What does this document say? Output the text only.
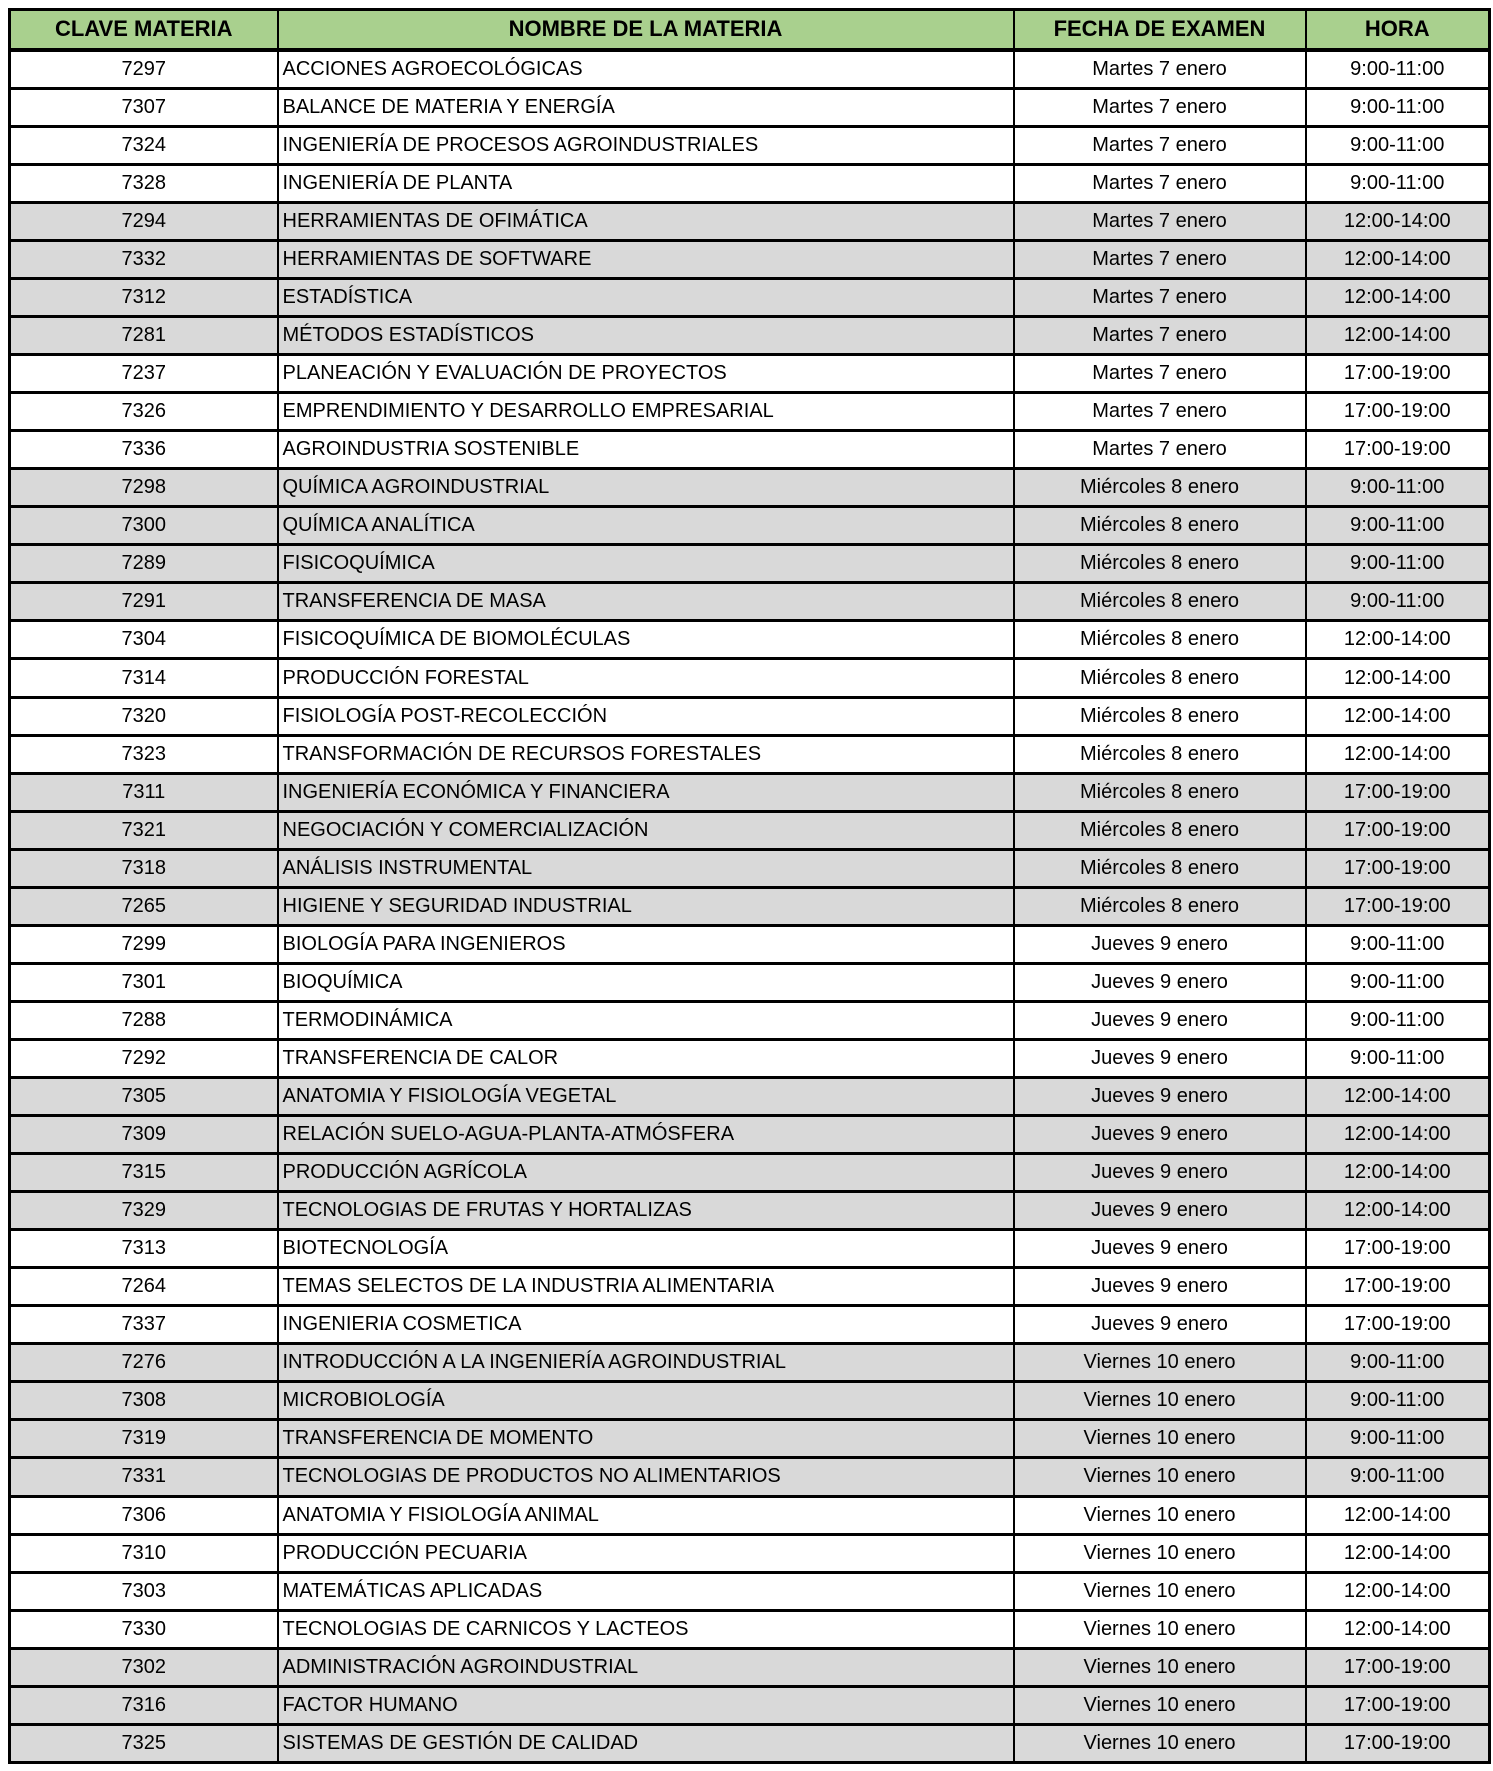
CLAVE MATERIA	NOMBRE DE LA MATERIA	FECHA DE EXAMEN	HORA
7297	ACCIONES AGROECOLÓGICAS	Martes 7 enero	9:00-11:00
7307	BALANCE DE MATERIA Y ENERGÍA	Martes 7 enero	9:00-11:00
7324	INGENIERÍA DE PROCESOS AGROINDUSTRIALES	Martes 7 enero	9:00-11:00
7328	INGENIERÍA DE PLANTA	Martes 7 enero	9:00-11:00
7294	HERRAMIENTAS DE OFIMÁTICA	Martes 7 enero	12:00-14:00
7332	HERRAMIENTAS DE SOFTWARE	Martes 7 enero	12:00-14:00
7312	ESTADÍSTICA	Martes 7 enero	12:00-14:00
7281	MÉTODOS ESTADÍSTICOS	Martes 7 enero	12:00-14:00
7237	PLANEACIÓN Y EVALUACIÓN DE PROYECTOS	Martes 7 enero	17:00-19:00
7326	EMPRENDIMIENTO Y DESARROLLO EMPRESARIAL	Martes 7 enero	17:00-19:00
7336	AGROINDUSTRIA SOSTENIBLE	Martes 7 enero	17:00-19:00
7298	QUÍMICA AGROINDUSTRIAL	Miércoles 8 enero	9:00-11:00
7300	QUÍMICA ANALÍTICA	Miércoles 8 enero	9:00-11:00
7289	FISICOQUÍMICA	Miércoles 8 enero	9:00-11:00
7291	TRANSFERENCIA DE MASA	Miércoles 8 enero	9:00-11:00
7304	FISICOQUÍMICA DE BIOMOLÉCULAS	Miércoles 8 enero	12:00-14:00
7314	PRODUCCIÓN FORESTAL	Miércoles 8 enero	12:00-14:00
7320	FISIOLOGÍA POST-RECOLECCIÓN	Miércoles 8 enero	12:00-14:00
7323	TRANSFORMACIÓN DE RECURSOS FORESTALES	Miércoles 8 enero	12:00-14:00
7311	INGENIERÍA ECONÓMICA Y FINANCIERA	Miércoles 8 enero	17:00-19:00
7321	NEGOCIACIÓN Y COMERCIALIZACIÓN	Miércoles 8 enero	17:00-19:00
7318	ANÁLISIS INSTRUMENTAL	Miércoles 8 enero	17:00-19:00
7265	HIGIENE Y SEGURIDAD INDUSTRIAL	Miércoles 8 enero	17:00-19:00
7299	BIOLOGÍA PARA INGENIEROS	Jueves 9 enero	9:00-11:00
7301	BIOQUÍMICA	Jueves 9 enero	9:00-11:00
7288	TERMODINÁMICA	Jueves 9 enero	9:00-11:00
7292	TRANSFERENCIA DE CALOR	Jueves 9 enero	9:00-11:00
7305	ANATOMIA Y FISIOLOGÍA VEGETAL	Jueves 9 enero	12:00-14:00
7309	RELACIÓN SUELO-AGUA-PLANTA-ATMÓSFERA	Jueves 9 enero	12:00-14:00
7315	PRODUCCIÓN AGRÍCOLA	Jueves 9 enero	12:00-14:00
7329	TECNOLOGIAS DE FRUTAS Y HORTALIZAS	Jueves 9 enero	12:00-14:00
7313	BIOTECNOLOGÍA	Jueves 9 enero	17:00-19:00
7264	TEMAS SELECTOS DE LA INDUSTRIA ALIMENTARIA	Jueves 9 enero	17:00-19:00
7337	INGENIERIA COSMETICA	Jueves 9 enero	17:00-19:00
7276	INTRODUCCIÓN A LA INGENIERÍA AGROINDUSTRIAL	Viernes 10 enero	9:00-11:00
7308	MICROBIOLOGÍA	Viernes 10 enero	9:00-11:00
7319	TRANSFERENCIA DE MOMENTO	Viernes 10 enero	9:00-11:00
7331	TECNOLOGIAS DE PRODUCTOS NO ALIMENTARIOS	Viernes 10 enero	9:00-11:00
7306	ANATOMIA Y FISIOLOGÍA ANIMAL	Viernes 10 enero	12:00-14:00
7310	PRODUCCIÓN PECUARIA	Viernes 10 enero	12:00-14:00
7303	MATEMÁTICAS APLICADAS	Viernes 10 enero	12:00-14:00
7330	TECNOLOGIAS DE CARNICOS Y LACTEOS	Viernes 10 enero	12:00-14:00
7302	ADMINISTRACIÓN AGROINDUSTRIAL	Viernes 10 enero	17:00-19:00
7316	FACTOR HUMANO	Viernes 10 enero	17:00-19:00
7325	SISTEMAS DE GESTIÓN DE CALIDAD	Viernes 10 enero	17:00-19:00
